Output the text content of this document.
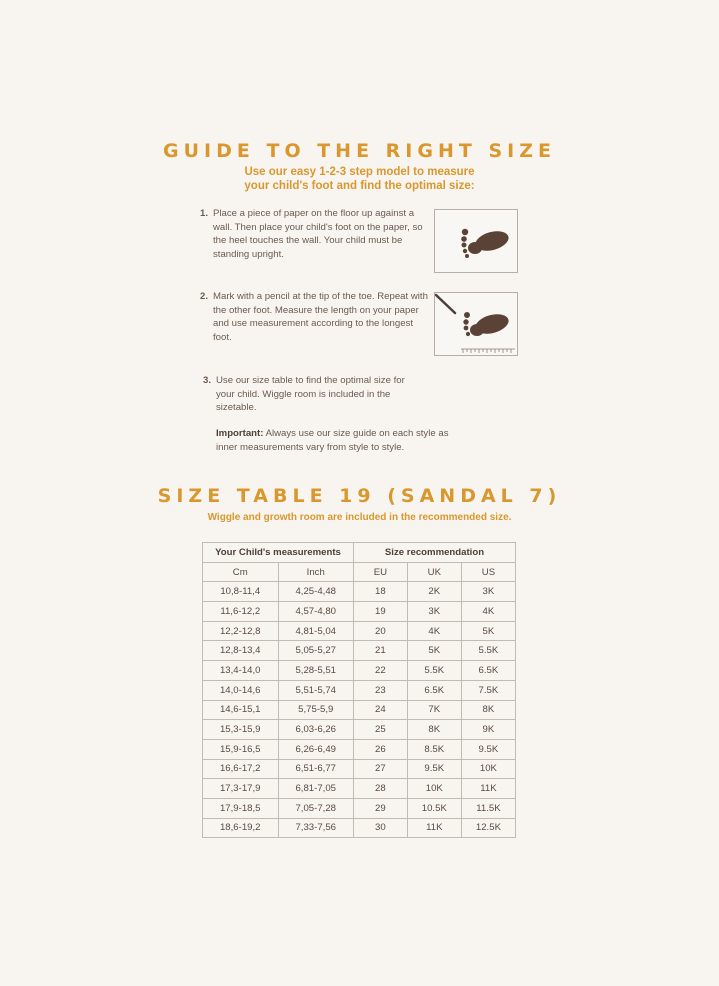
GUIDE TO THE RIGHT SIZE
Use our easy 1-2-3 step model to measure
your child's foot and find the optimal size:
1. Place a piece of paper on the floor up against a wall. Then place your child's foot on the paper, so the heel touches the wall. Your child must be standing upright.
2. Mark with a pencil at the tip of the toe. Repeat with the other foot. Measure the length on your paper and use measurement according to the longest foot.
3. Use our size table to find the optimal size for your child. Wiggle room is included in the sizetable.
Important: Always use our size guide on each style as inner measurements vary from style to style.
SIZE TABLE 19 (SANDAL 7)
Wiggle and growth room are included in the recommended size.
Your Child's measurements		Size recommendation		
Cm	Inch	EU	UK	US
10,8-11,4	4,25-4,48	18	2K	3K
11,6-12,2	4,57-4,80	19	3K	4K
12,2-12,8	4,81-5,04	20	4K	5K
12,8-13,4	5,05-5,27	21	5K	5.5K
13,4-14,0	5,28-5,51	22	5.5K	6.5K
14,0-14,6	5,51-5,74	23	6.5K	7.5K
14,6-15,1	5,75-5,9	24	7K	8K
15,3-15,9	6,03-6,26	25	8K	9K
15,9-16,5	6,26-6,49	26	8.5K	9.5K
16,6-17,2	6,51-6,77	27	9.5K	10K
17,3-17,9	6,81-7,05	28	10K	11K
17,9-18,5	7,05-7,28	29	10.5K	11.5K
18,6-19,2	7,33-7,56	30	11K	12.5K
